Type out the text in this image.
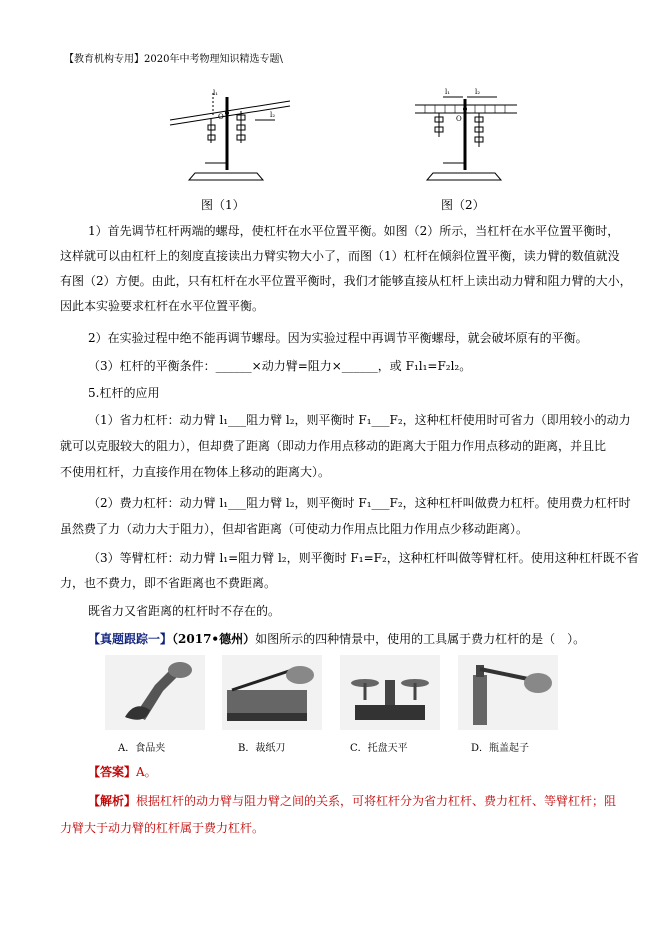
【教育机构专用】2020年中考物理知识精选专题\
l₁
l₂
O
图（1）
l₁	l₂
O
图（2）
1）首先调节杠杆两端的螺母，使杠杆在水平位置平衡。如图（2）所示，当杠杆在水平位置平衡时，
这样就可以由杠杆上的刻度直接读出力臂实物大小了，而图（1）杠杆在倾斜位置平衡，读力臂的数值就没
有图（2）方便。由此，只有杠杆在水平位置平衡时，我们才能够直接从杠杆上读出动力臂和阻力臂的大小，
因此本实验要求杠杆在水平位置平衡。
2）在实验过程中绝不能再调节螺母。因为实验过程中再调节平衡螺母，就会破坏原有的平衡。
（3）杠杆的平衡条件：______×动力臂=阻力×______，或 F₁l₁=F₂l₂。
5.杠杆的应用
（1）省力杠杆：动力臂 l₁___阻力臂 l₂，则平衡时 F₁___F₂，这种杠杆使用时可省力（即用较小的动力
就可以克服较大的阻力），但却费了距离（即动力作用点移动的距离大于阻力作用点移动的距离，并且比
不使用杠杆，力直接作用在物体上移动的距离大）。
（2）费力杠杆：动力臂 l₁___阻力臂 l₂，则平衡时 F₁___F₂，这种杠杆叫做费力杠杆。使用费力杠杆时
虽然费了力（动力大于阻力），但却省距离（可使动力作用点比阻力作用点少移动距离）。
（3）等臂杠杆：动力臂 l₁=阻力臂 l₂，则平衡时 F₁=F₂，这种杠杆叫做等臂杠杆。使用这种杠杆既不省
力，也不费力，即不省距离也不费距离。
既省力又省距离的杠杆时不存在的。
【真题跟踪一】（2017•德州）如图所示的四种情景中，使用的工具属于费力杠杆的是（　）。
A．食品夹	B．裁纸刀	C．托盘天平	D．瓶盖起子
【答案】A。
【解析】根据杠杆的动力臂与阻力臂之间的关系，可将杠杆分为省力杠杆、费力杠杆、等臂杠杆；阻
力臂大于动力臂的杠杆属于费力杠杆。
